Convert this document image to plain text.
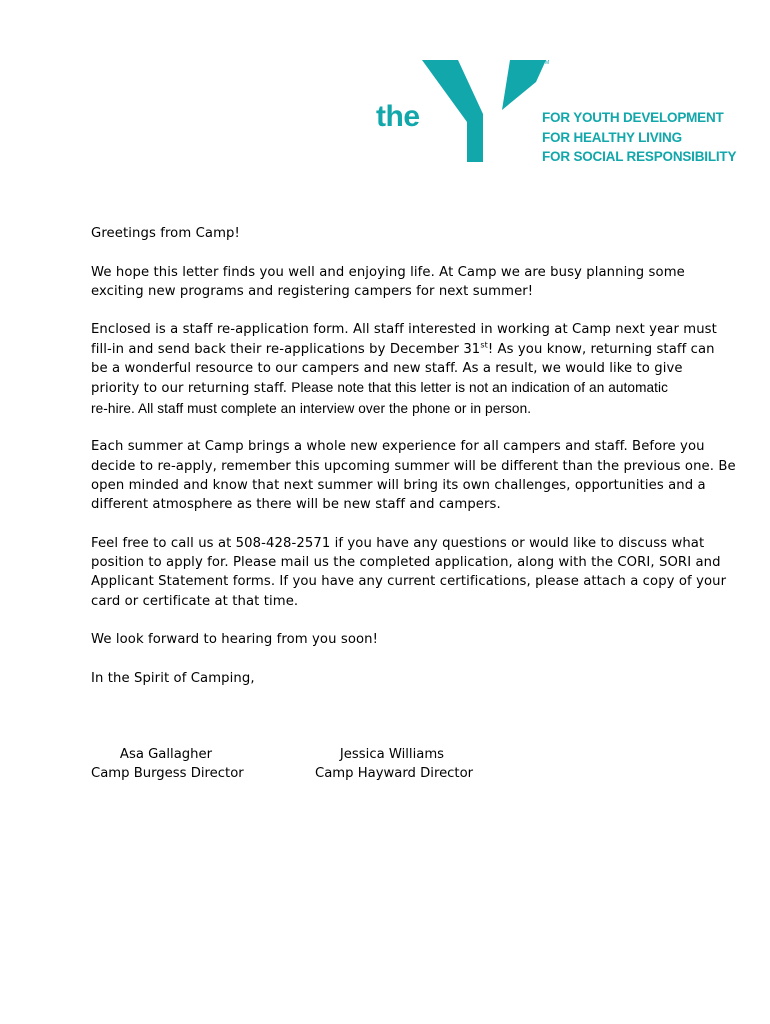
the
YMCA
TM
FOR YOUTH DEVELOPMENT
FOR HEALTHY LIVING
FOR SOCIAL RESPONSIBILITY

Greetings from Camp!

We hope this letter finds you well and enjoying life. At Camp we are busy planning some
exciting new programs and registering campers for next summer!

Enclosed is a staff re-application form. All staff interested in working at Camp next year must
fill-in and send back their re-applications by December 31st! As you know, returning staff can
be a wonderful resource to our campers and new staff. As a result, we would like to give
priority to our returning staff. Please note that this letter is not an indication of an automatic
re-hire. All staff must complete an interview over the phone or in person.

Each summer at Camp brings a whole new experience for all campers and staff. Before you
decide to re-apply, remember this upcoming summer will be different than the previous one. Be
open minded and know that next summer will bring its own challenges, opportunities and a
different atmosphere as there will be new staff and campers.

Feel free to call us at 508-428-2571 if you have any questions or would like to discuss what
position to apply for. Please mail us the completed application, along with the CORI, SORI and
Applicant Statement forms. If you have any current certifications, please attach a copy of your
card or certificate at that time.

We look forward to hearing from you soon!

In the Spirit of Camping,

Asa Gallagher
Camp Burgess Director
Jessica Williams
Camp Hayward Director
